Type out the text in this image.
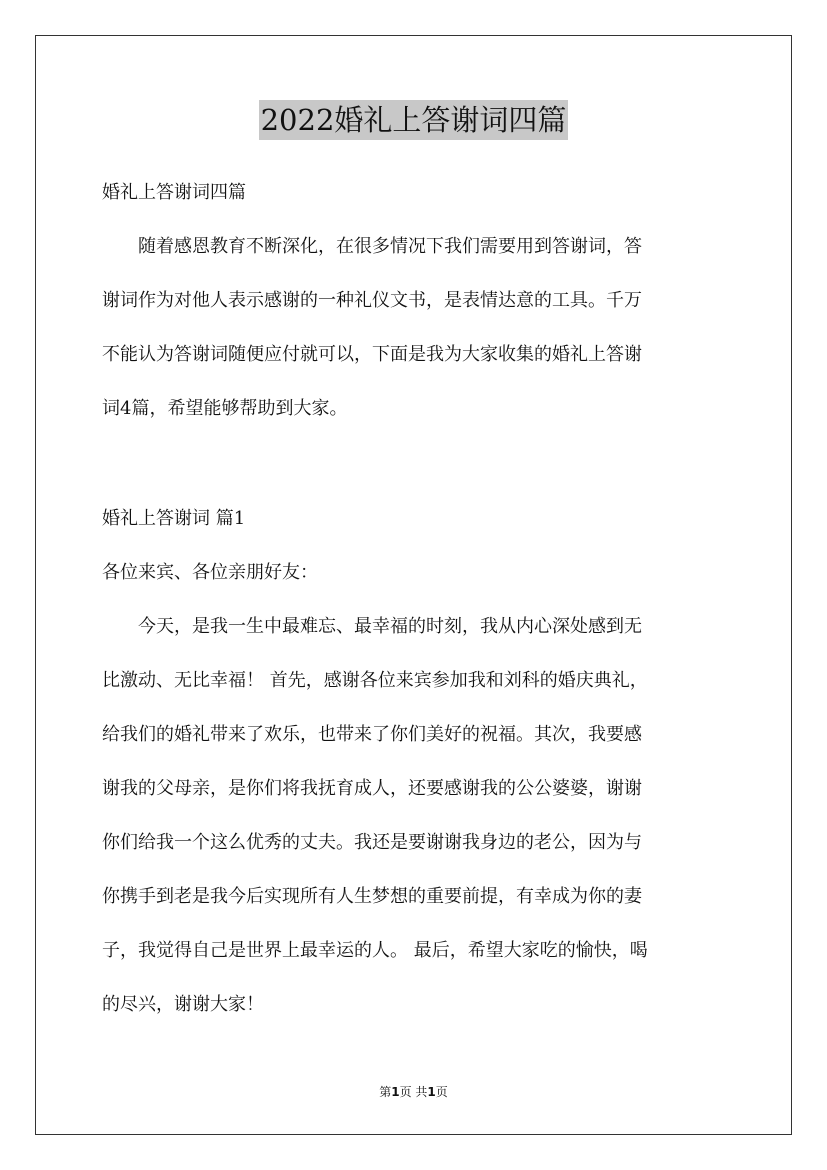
2022婚礼上答谢词四篇
婚礼上答谢词四篇
随着感恩教育不断深化，在很多情况下我们需要用到答谢词，答
谢词作为对他人表示感谢的一种礼仪文书，是表情达意的工具。千万
不能认为答谢词随便应付就可以，下面是我为大家收集的婚礼上答谢
词4篇，希望能够帮助到大家。
婚礼上答谢词 篇1
各位来宾、各位亲朋好友：
今天，是我一生中最难忘、最幸福的时刻，我从内心深处感到无
比激动、无比幸福！ 首先，感谢各位来宾参加我和刘科的婚庆典礼，
给我们的婚礼带来了欢乐，也带来了你们美好的祝福。其次，我要感
谢我的父母亲，是你们将我抚育成人，还要感谢我的公公婆婆，谢谢
你们给我一个这么优秀的丈夫。我还是要谢谢我身边的老公，因为与
你携手到老是我今后实现所有人生梦想的重要前提，有幸成为你的妻
子，我觉得自己是世界上最幸运的人。 最后，希望大家吃的愉快，喝
的尽兴，谢谢大家！
第1页 共1页
